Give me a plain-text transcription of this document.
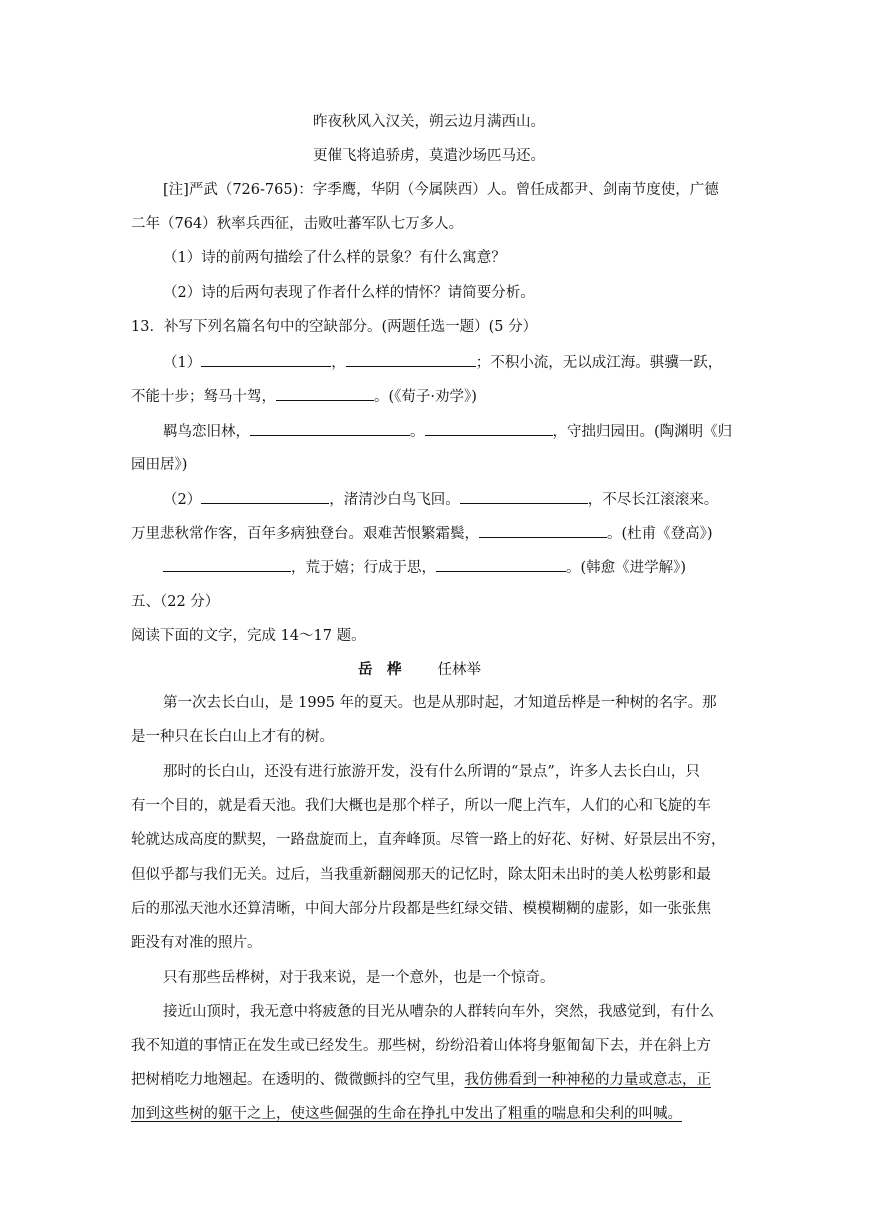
昨夜秋风入汉关，朔云边月满西山。
更催飞将追骄虏，莫遣沙场匹马还。
[注]严武（726-765)：字季鹰，华阴（今属陕西）人。曾任成都尹、剑南节度使，广德
二年（764）秋率兵西征，击败吐蕃军队七万多人。
（1）诗的前两句描绘了什么样的景象？有什么寓意？
（2）诗的后两句表现了作者什么样的情怀？请简要分析。
13．补写下列名篇名句中的空缺部分。(两题任选一题）(5 分）
（1）	，	；不积小流，无以成江海。骐骥一跃，
不能十步；驽马十驾，	。(《荀子·劝学》)
羁鸟恋旧林，	。	，守拙归园田。(陶渊明《归
园田居》)
（2）	，渚清沙白鸟飞回。	，不尽长江滚滚来。
万里悲秋常作客，百年多病独登台。艰难苦恨繁霜鬓，	。(杜甫《登高》)
，荒于嬉；行成于思，	。(韩愈《进学解》)
五、（22 分）
阅读下面的文字，完成 14～17 题。
岳　桦 任林举
第一次去长白山，是 1995 年的夏天。也是从那时起，才知道岳桦是一种树的名字。那
是一种只在长白山上才有的树。
那时的长白山，还没有进行旅游开发，没有什么所谓的“景点”，许多人去长白山，只
有一个目的，就是看天池。我们大概也是那个样子，所以一爬上汽车，人们的心和飞旋的车
轮就达成高度的默契，一路盘旋而上，直奔峰顶。尽管一路上的好花、好树、好景层出不穷，
但似乎都与我们无关。过后，当我重新翻阅那天的记忆时，除太阳未出时的美人松剪影和最
后的那泓天池水还算清晰，中间大部分片段都是些红绿交错、模模糊糊的虚影，如一张张焦
距没有对准的照片。
只有那些岳桦树，对于我来说，是一个意外，也是一个惊奇。
接近山顶时，我无意中将疲惫的目光从嘈杂的人群转向车外，突然，我感觉到，有什么
我不知道的事情正在发生或已经发生。那些树，纷纷沿着山体将身躯匍匐下去，并在斜上方
把树梢吃力地翘起。在透明的、微微颤抖的空气里，我仿佛看到一种神秘的力量或意志，正
加到这些树的躯干之上，使这些倔强的生命在挣扎中发出了粗重的喘息和尖利的叫喊。
